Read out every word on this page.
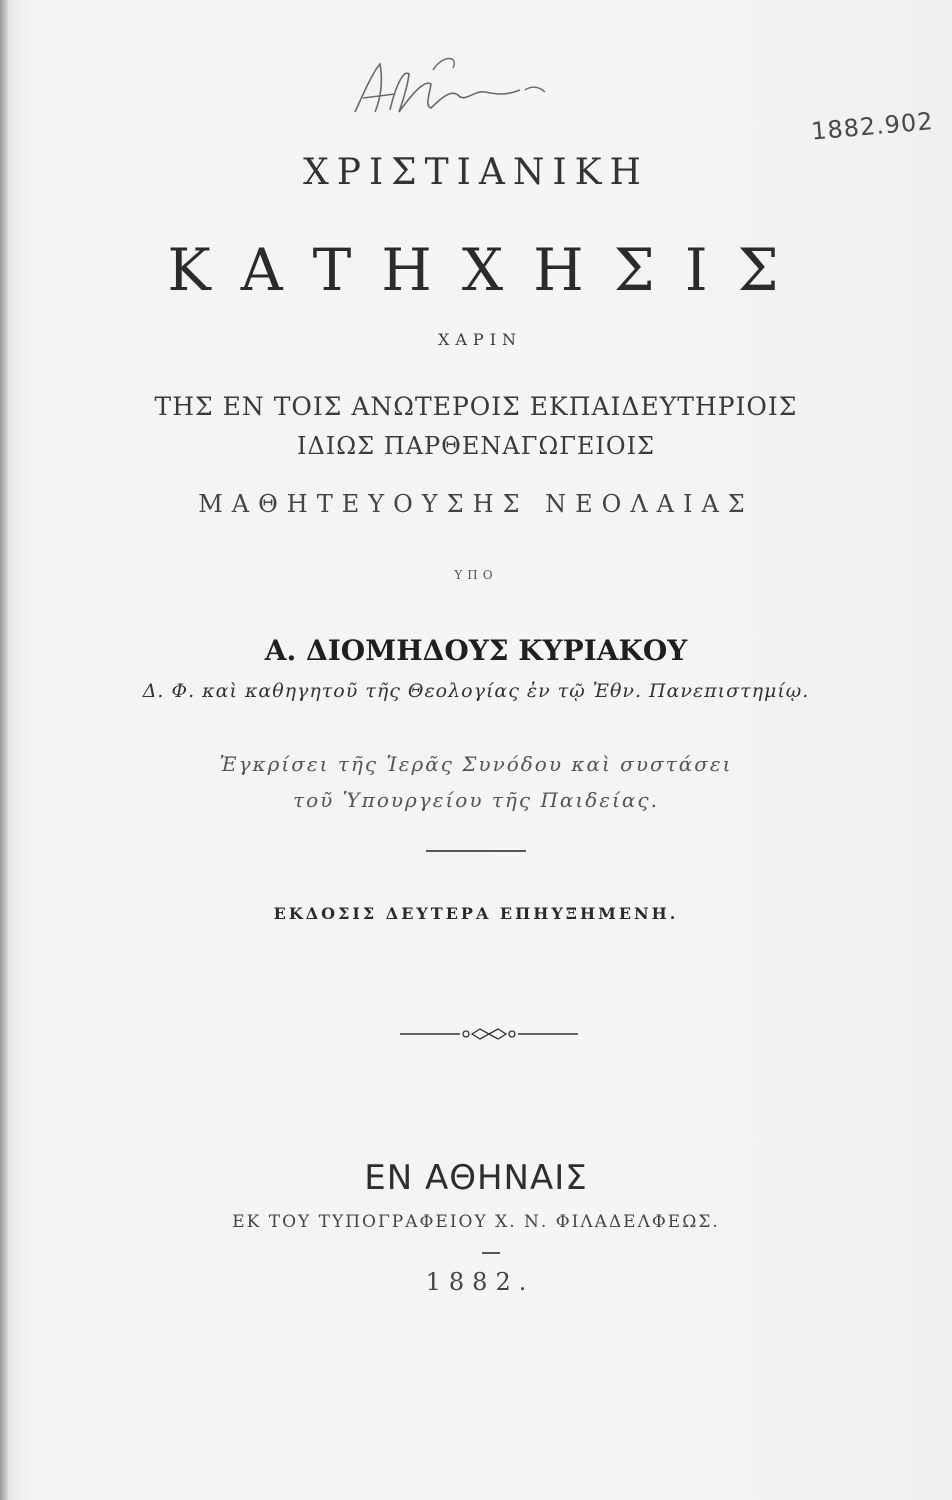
1882.902
ΧΡΙΣΤΙΑΝΙΚΗ
ΚΑΤΗΧΗΣΙΣ
ΧΑΡΙΝ
ΤΗΣ ΕΝ ΤΟΙΣ ΑΝΩΤΕΡΟΙΣ ΕΚΠΑΙΔΕΥΤΗΡΙΟΙΣ
ΙΔΙΩΣ ΠΑΡΘΕΝΑΓΩΓΕΙΟΙΣ
ΜΑΘΗΤΕΥΟΥΣΗΣ ΝΕΟΛΑΙΑΣ
ΥΠΟ
Α. ΔΙΟΜΗΔΟΥΣ ΚΥΡΙΑΚΟΥ
Δ. Φ. καὶ καθηγητοῦ τῆς Θεολογίας ἐν τῷ Ἐθν. Πανεπιστημίῳ.
Ἐγκρίσει τῆς Ἱερᾶς Συνόδου καὶ συστάσει
τοῦ Ὑπουργείου τῆς Παιδείας.
ΕΚΔΟΣΙΣ ΔΕΥΤΕΡΑ ΕΠΗΥΞΗΜΕΝΗ.
ΕΝ ΑΘΗΝΑΙΣ
ΕΚ ΤΟΥ ΤΥΠΟΓΡΑΦΕΙΟΥ Χ. Ν. ΦΙΛΑΔΕΛΦΕΩΣ.
1882.
